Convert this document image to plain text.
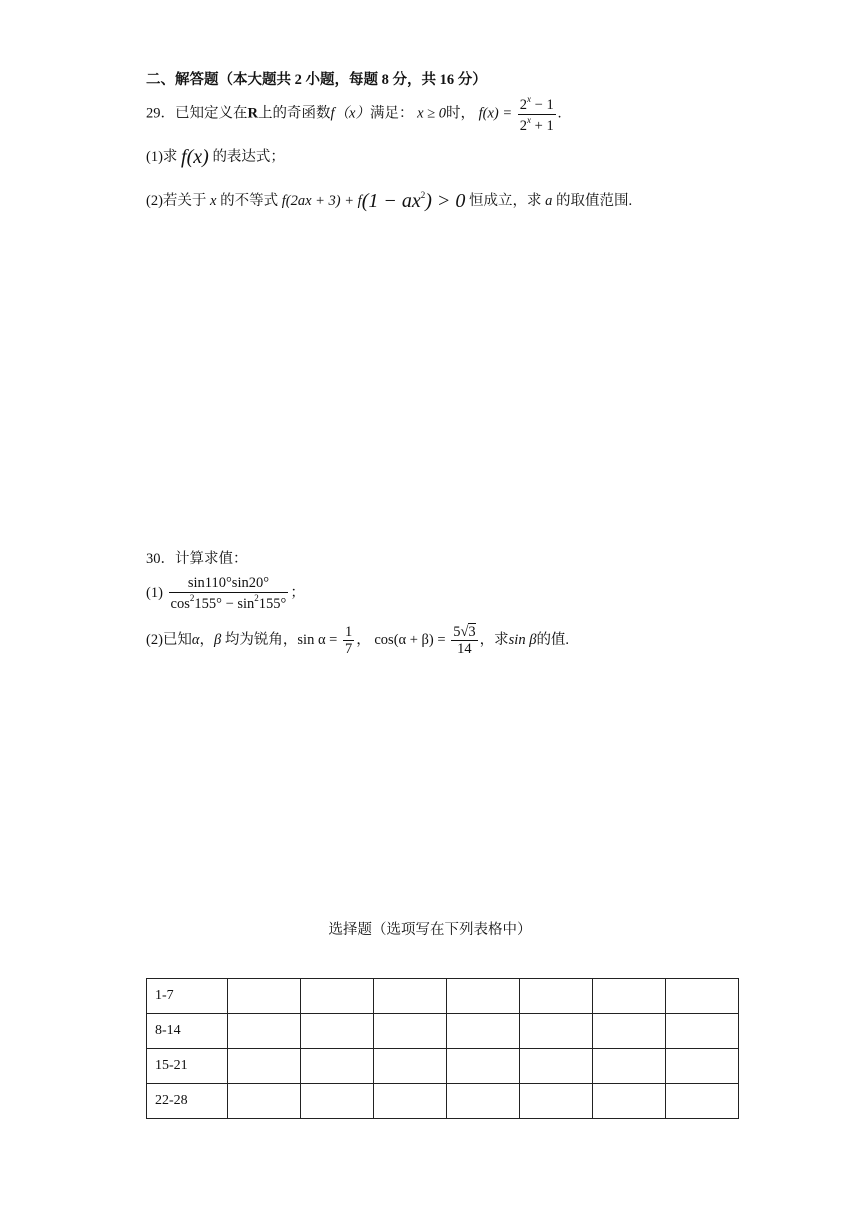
二、解答题（本大题共 2 小题，每题 8 分，共 16 分）
29．已知定义在R上的奇函数f（x）满足： x ≥ 0时， $f(x) = \frac{2^x - 1}{2^x + 1}$ .
(1)求 f(x) 的表达式；
(2)若关于 x 的不等式 $f(2ax + 3) + f(1 - ax^2) > 0$ 恒成立，求 a 的取值范围.
30．计算求值：
$(1) \frac{\sin 110^\circ\sin 20^\circ}{\cos^2155^\circ - \sin^2155^\circ}$ ；
(2)已知α，β 均为锐角，$\sin \alpha = \frac{1}{7}$ ， $\cos(\alpha + \beta) = \frac{5√3}{14}$ ，求sin β的值.
选择题（选项写在下列表格中）
1-7							
8-14							
15-21							
22-28							
